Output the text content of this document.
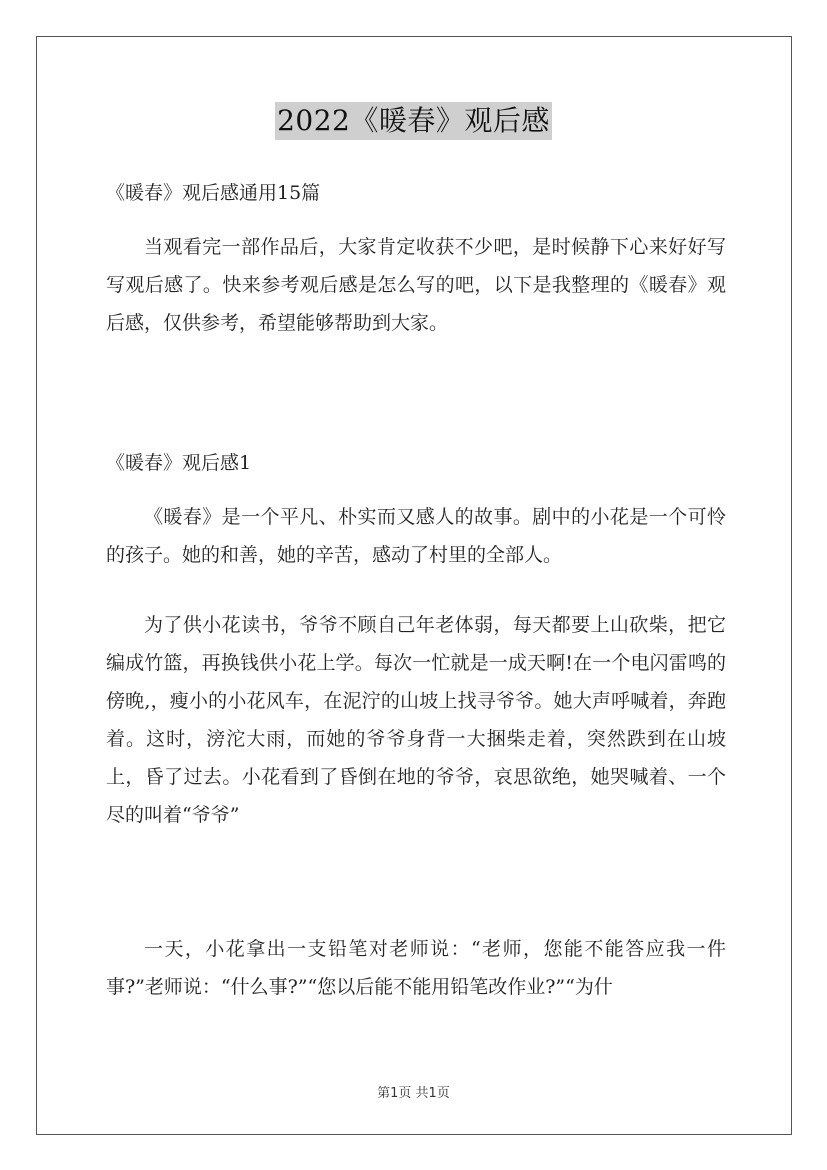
2022《暖春》观后感
《暖春》观后感通用15篇
当观看完一部作品后，大家肯定收获不少吧，是时候静下心来好好写写观后感了。快来参考观后感是怎么写的吧，以下是我整理的《暖春》观后感，仅供参考，希望能够帮助到大家。
《暖春》观后感1
《暖春》是一个平凡、朴实而又感人的故事。剧中的小花是一个可怜的孩子。她的和善，她的辛苦，感动了村里的全部人。
为了供小花读书，爷爷不顾自己年老体弱，每天都要上山砍柴，把它编成竹篮，再换钱供小花上学。每次一忙就是一成天啊!在一个电闪雷鸣的傍晚,，瘦小的小花风车，在泥泞的山坡上找寻爷爷。她大声呼喊着，奔跑着。这时，滂沱大雨，而她的爷爷身背一大捆柴走着，突然跌到在山坡上，昏了过去。小花看到了昏倒在地的爷爷，哀思欲绝，她哭喊着、一个尽的叫着“爷爷”
一天，小花拿出一支铅笔对老师说：“老师，您能不能答应我一件事?”老师说：“什么事?”“您以后能不能用铅笔改作业?”“为什
第1页 共1页
